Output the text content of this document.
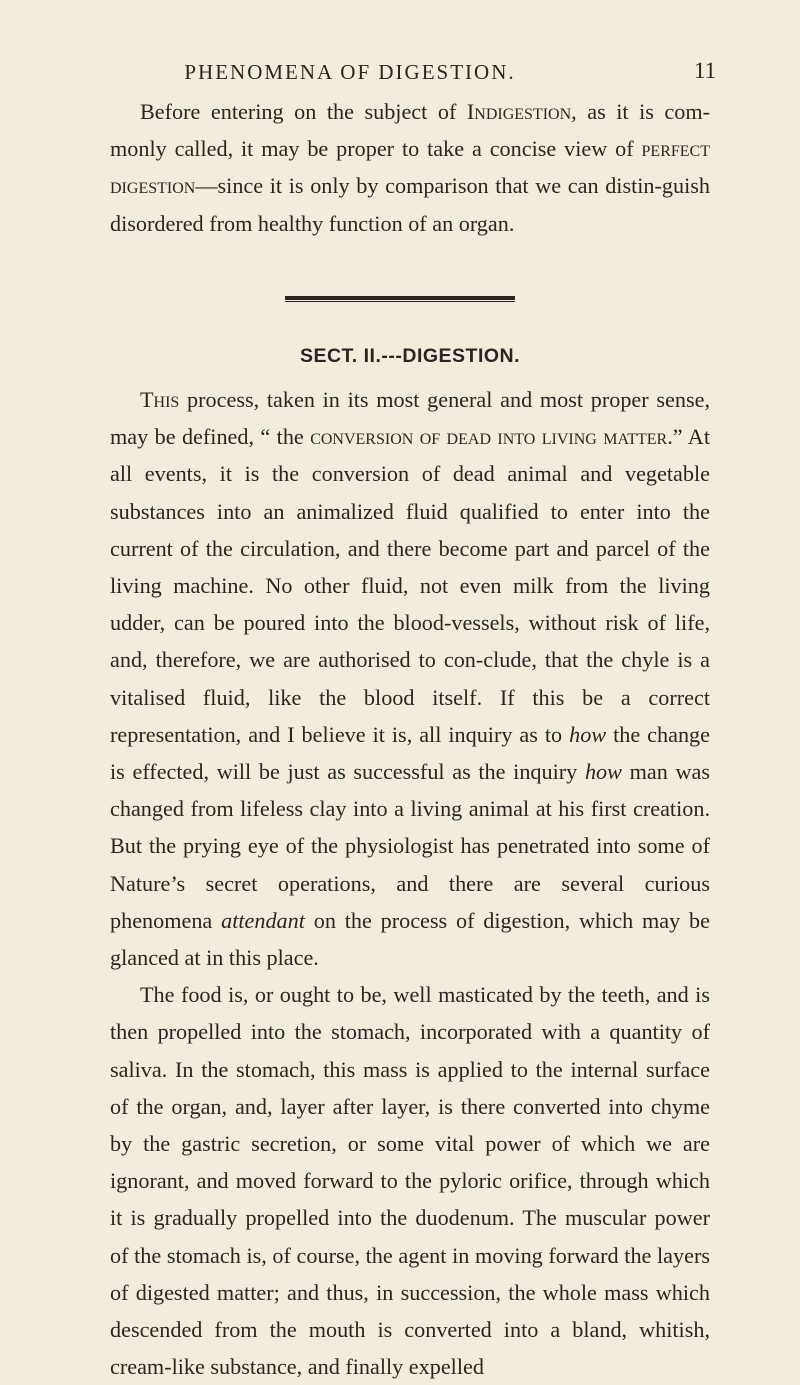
PHENOMENA OF DIGESTION.	11

Before entering on the subject of Indigestion, as it is com-monly called, it may be proper to take a concise view of perfect digestion—since it is only by comparison that we can distin-guish disordered from healthy function of an organ.

SECT. II.---DIGESTION.

This process, taken in its most general and most proper sense, may be defined, “ the conversion of dead into living matter.” At all events, it is the conversion of dead animal and vegetable substances into an animalized fluid qualified to enter into the current of the circulation, and there become part and parcel of the living machine. No other fluid, not even milk from the living udder, can be poured into the blood-vessels, without risk of life, and, therefore, we are authorised to con-clude, that the chyle is a vitalised fluid, like the blood itself. If this be a correct representation, and I believe it is, all inquiry as to how the change is effected, will be just as successful as the inquiry how man was changed from lifeless clay into a living animal at his first creation. But the prying eye of the physiologist has penetrated into some of Nature’s secret operations, and there are several curious phenomena attendant on the process of digestion, which may be glanced at in this place.

The food is, or ought to be, well masticated by the teeth, and is then propelled into the stomach, incorporated with a quantity of saliva. In the stomach, this mass is applied to the internal surface of the organ, and, layer after layer, is there converted into chyme by the gastric secretion, or some vital power of which we are ignorant, and moved forward to the pyloric orifice, through which it is gradually propelled into the duodenum. The muscular power of the stomach is, of course, the agent in moving forward the layers of digested matter; and thus, in succession, the whole mass which descended from the mouth is converted into a bland, whitish, cream-like substance, and finally expelled
